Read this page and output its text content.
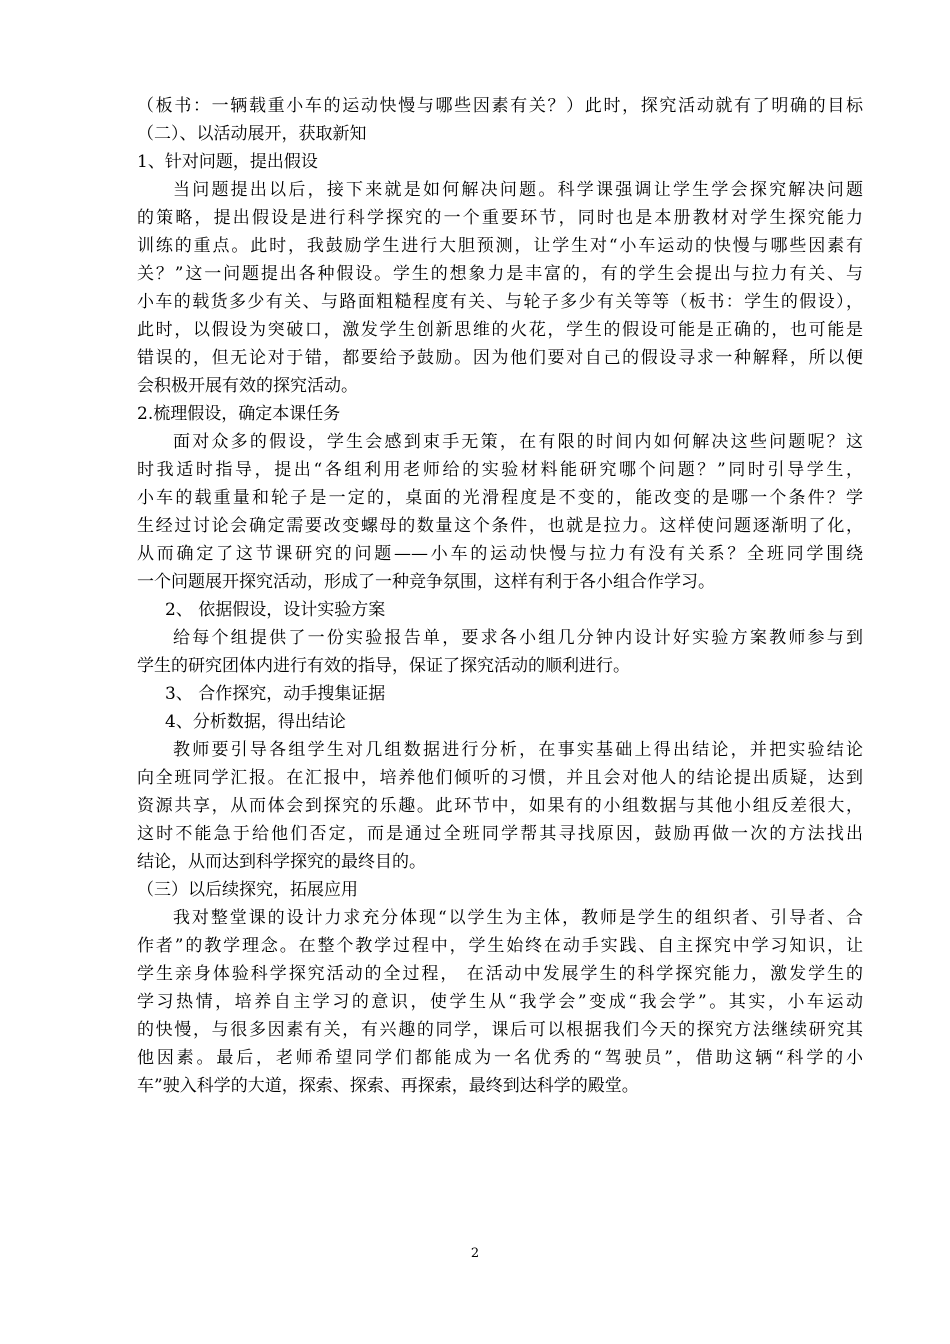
（板书：一辆载重小车的运动快慢与哪些因素有关？）此时，探究活动就有了明确的目标
（二）、以活动展开，获取新知
1、针对问题，提出假设
当问题提出以后，接下来就是如何解决问题。科学课强调让学生学会探究解决问题
的策略，提出假设是进行科学探究的一个重要环节，同时也是本册教材对学生探究能力
训练的重点。此时，我鼓励学生进行大胆预测，让学生对“小车运动的快慢与哪些因素有
关？”这一问题提出各种假设。学生的想象力是丰富的，有的学生会提出与拉力有关、与
小车的载货多少有关、与路面粗糙程度有关、与轮子多少有关等等（板书：学生的假设），
此时，以假设为突破口，激发学生创新思维的火花，学生的假设可能是正确的，也可能是
错误的，但无论对于错，都要给予鼓励。因为他们要对自己的假设寻求一种解释，所以便
会积极开展有效的探究活动。
2.梳理假设，确定本课任务
面对众多的假设，学生会感到束手无策，在有限的时间内如何解决这些问题呢？这
时我适时指导，提出“各组利用老师给的实验材料能研究哪个问题？”同时引导学生，
小车的载重量和轮子是一定的，桌面的光滑程度是不变的，能改变的是哪一个条件？学
生经过讨论会确定需要改变螺母的数量这个条件，也就是拉力。这样使问题逐渐明了化，
从而确定了这节课研究的问题——小车的运动快慢与拉力有没有关系？全班同学围绕
一个问题展开探究活动，形成了一种竞争氛围，这样有利于各小组合作学习。
2、 依据假设，设计实验方案
给每个组提供了一份实验报告单，要求各小组几分钟内设计好实验方案教师参与到
学生的研究团体内进行有效的指导，保证了探究活动的顺利进行。
3、 合作探究，动手搜集证据
4、分析数据，得出结论
教师要引导各组学生对几组数据进行分析，在事实基础上得出结论，并把实验结论
向全班同学汇报。在汇报中，培养他们倾听的习惯，并且会对他人的结论提出质疑，达到
资源共享，从而体会到探究的乐趣。此环节中，如果有的小组数据与其他小组反差很大，
这时不能急于给他们否定，而是通过全班同学帮其寻找原因，鼓励再做一次的方法找出
结论，从而达到科学探究的最终目的。
（三）以后续探究，拓展应用
我对整堂课的设计力求充分体现“以学生为主体，教师是学生的组织者、引导者、合
作者”的教学理念。在整个教学过程中，学生始终在动手实践、自主探究中学习知识，让
学生亲身体验科学探究活动的全过程， 在活动中发展学生的科学探究能力，激发学生的
学习热情，培养自主学习的意识，使学生从“我学会”变成“我会学”。其实，小车运动
的快慢，与很多因素有关，有兴趣的同学，课后可以根据我们今天的探究方法继续研究其
他因素。最后，老师希望同学们都能成为一名优秀的“驾驶员”，借助这辆“科学的小
车”驶入科学的大道，探索、探索、再探索，最终到达科学的殿堂。
2
